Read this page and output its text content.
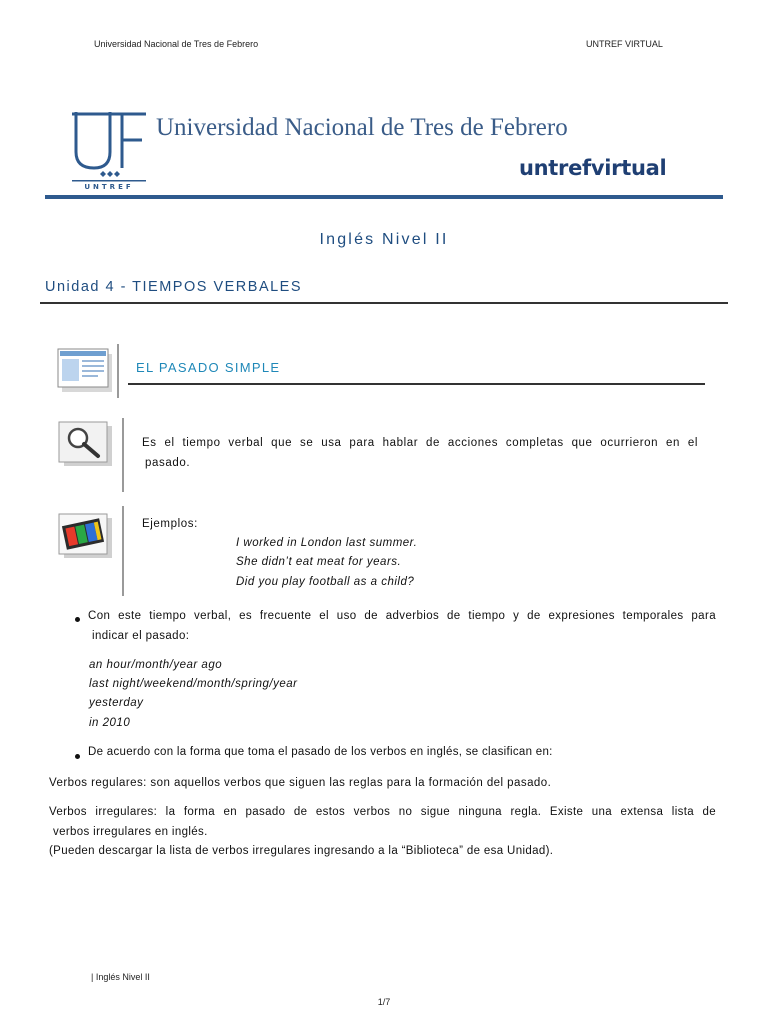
Universidad Nacional de Tres de Febrero	UNTREF VIRTUAL
UNTREF
Universidad Nacional de Tres de Febrero
untrefvirtual
Inglés Nivel II
Unidad 4 - TIEMPOS VERBALES
EL PASADO SIMPLE
Es el tiempo verbal que se usa para hablar de acciones completas que ocurrieron en el
pasado.
Ejemplos:
I worked in London last summer.
She didn’t eat meat for years.
Did you play football as a child?
Con este tiempo verbal, es frecuente el uso de adverbios de tiempo y de expresiones temporales para
indicar el pasado:
an hour/month/year ago
last night/weekend/month/spring/year
yesterday
in 2010
De acuerdo con la forma que toma el pasado de los verbos en inglés, se clasifican en:
Verbos regulares: son aquellos verbos que siguen las reglas para la formación del pasado.
Verbos irregulares: la forma en pasado de estos verbos no sigue ninguna regla. Existe una extensa lista de
verbos irregulares en inglés.
(Pueden descargar la lista de verbos irregulares ingresando a la “Biblioteca” de esa Unidad).
| Inglés Nivel II
1/7
